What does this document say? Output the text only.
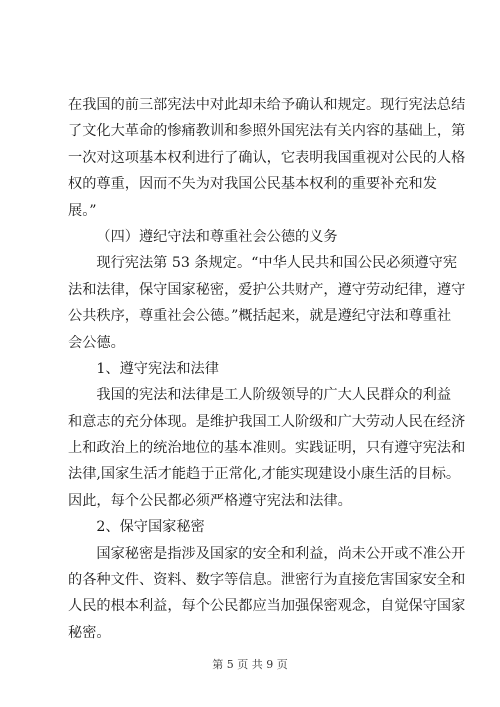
在我国的前三部宪法中对此却未给予确认和规定。现行宪法总结
了文化大革命的惨痛教训和参照外国宪法有关内容的基础上，第
一次对这项基本权利进行了确认，它表明我国重视对公民的人格
权的尊重，因而不失为对我国公民基本权利的重要补充和发
展。”
（四）遵纪守法和尊重社会公德的义务
现行宪法第 53 条规定。“中华人民共和国公民必须遵守宪
法和法律，保守国家秘密，爱护公共财产，遵守劳动纪律，遵守
公共秩序，尊重社会公德。”概括起来，就是遵纪守法和尊重社
会公德。
1、遵守宪法和法律
我国的宪法和法律是工人阶级领导的广大人民群众的利益
和意志的充分体现。是维护我国工人阶级和广大劳动人民在经济
上和政治上的统治地位的基本准则。实践证明，只有遵守宪法和
法律,国家生活才能趋于正常化,才能实现建设小康生活的目标。
因此，每个公民都必须严格遵守宪法和法律。
2、保守国家秘密
国家秘密是指涉及国家的安全和利益，尚未公开或不准公开
的各种文件、资料、数字等信息。泄密行为直接危害国家安全和
人民的根本利益，每个公民都应当加强保密观念，自觉保守国家
秘密。
第 5 页 共 9 页
